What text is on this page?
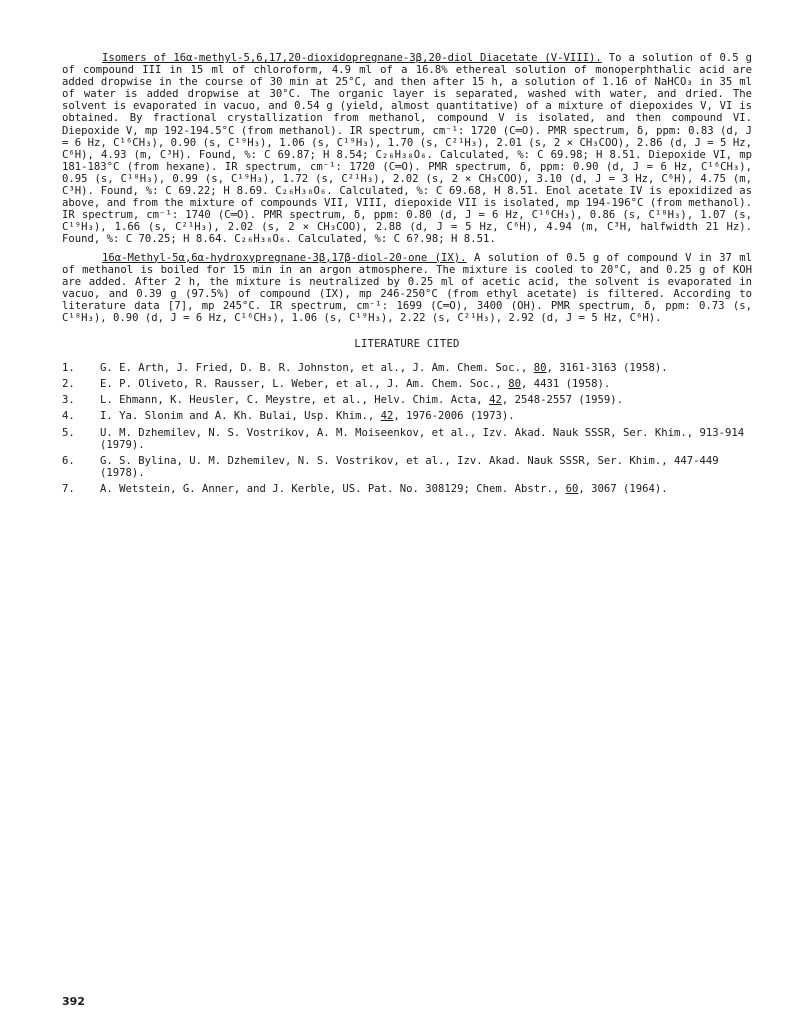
Isomers of 16α-methyl-5,6,17,20-dioxidopregnane-3β,20-diol Diacetate (V-VIII). To a solution of 0.5 g of compound III in 15 ml of chloroform, 4.9 ml of a 16.8% ethereal solution of monoperphthalic acid are added dropwise in the course of 30 min at 25°C, and then after 15 h, a solution of 1.16 of NaHCO₃ in 35 ml of water is added dropwise at 30°C. The organic layer is separated, washed with water, and dried. The solvent is evaporated in vacuo, and 0.54 g (yield, almost quantitative) of a mixture of diepoxides V, VI is obtained. By fractional crystallization from methanol, compound V is isolated, and then compound VI. Diepoxide V, mp 192-194.5°C (from methanol). IR spectrum, cm⁻¹: 1720 (C═O). PMR spectrum, δ, ppm: 0.83 (d, J = 6 Hz, C¹⁶CH₃), 0.90 (s, C¹⁹H₃), 1.06 (s, C¹⁹H₃), 1.70 (s, C²¹H₃), 2.01 (s, 2 × CH₃COO), 2.86 (d, J = 5 Hz, C⁶H), 4.93 (m, C³H). Found, %: C 69.87; H 8.54; C₂₆H₃₈O₆. Calculated, %: C 69.98; H 8.51. Diepoxide VI, mp 181-183°C (from hexane). IR spectrum, cm⁻¹: 1720 (C═O). PMR spectrum, δ, ppm: 0.90 (d, J = 6 Hz, C¹⁶CH₃), 0.95 (s, C¹⁸H₃), 0.99 (s, C¹⁹H₃), 1.72 (s, C²¹H₃), 2.02 (s, 2 × CH₃COO), 3.10 (d, J = 3 Hz, C⁶H), 4.75 (m, C³H). Found, %: C 69.22; H 8.69. C₂₆H₃₈O₆. Calculated, %: C 69.68, H 8.51. Enol acetate IV is epoxidized as above, and from the mixture of compounds VII, VIII, diepoxide VII is isolated, mp 194-196°C (from methanol). IR spectrum, cm⁻¹: 1740 (C═O). PMR spectrum, δ, ppm: 0.80 (d, J = 6 Hz, C¹⁶CH₃), 0.86 (s, C¹⁸H₃), 1.07 (s, C¹⁹H₃), 1.66 (s, C²¹H₃), 2.02 (s, 2 × CH₃COO), 2.88 (d, J = 5 Hz, C⁶H), 4.94 (m, C³H, halfwidth 21 Hz). Found, %: C 70.25; H 8.64. C₂₆H₃₈O₆. Calculated, %: C 6?.98; H 8.51.

16α-Methyl-5α,6α-hydroxypregnane-3β,17β-diol-20-one (IX). A solution of 0.5 g of compound V in 37 ml of methanol is boiled for 15 min in an argon atmosphere. The mixture is cooled to 20°C, and 0.25 g of KOH are added. After 2 h, the mixture is neutralized by 0.25 ml of acetic acid, the solvent is evaporated in vacuo, and 0.39 g (97.5%) of compound (IX), mp 246-250°C (from ethyl acetate) is filtered. According to literature data [7], mp 245°C. IR spectrum, cm⁻¹: 1699 (C═O), 3400 (OH). PMR spectrum, δ, ppm: 0.73 (s, C¹⁸H₃), 0.90 (d, J = 6 Hz, C¹⁶CH₃), 1.06 (s, C¹⁹H₃), 2.22 (s, C²¹H₃), 2.92 (d, J = 5 Hz, C⁶H).

LITERATURE CITED
1.	G. E. Arth, J. Fried, D. B. R. Johnston, et al., J. Am. Chem. Soc., 80, 3161-3163 (1958).
2.	E. P. Oliveto, R. Rausser, L. Weber, et al., J. Am. Chem. Soc., 80, 4431 (1958).
3.	L. Ehmann, K. Heusler, C. Meystre, et al., Helv. Chim. Acta, 42, 2548-2557 (1959).
4.	I. Ya. Slonim and A. Kh. Bulai, Usp. Khim., 42, 1976-2006 (1973).
5.	U. M. Dzhemilev, N. S. Vostrikov, A. M. Moiseenkov, et al., Izv. Akad. Nauk SSSR, Ser. Khim., 913-914 (1979).
6.	G. S. Bylina, U. M. Dzhemilev, N. S. Vostrikov, et al., Izv. Akad. Nauk SSSR, Ser. Khim., 447-449 (1978).
7.	A. Wetstein, G. Anner, and J. Kerble, US. Pat. No. 308129; Chem. Abstr., 60, 3067 (1964).
392
